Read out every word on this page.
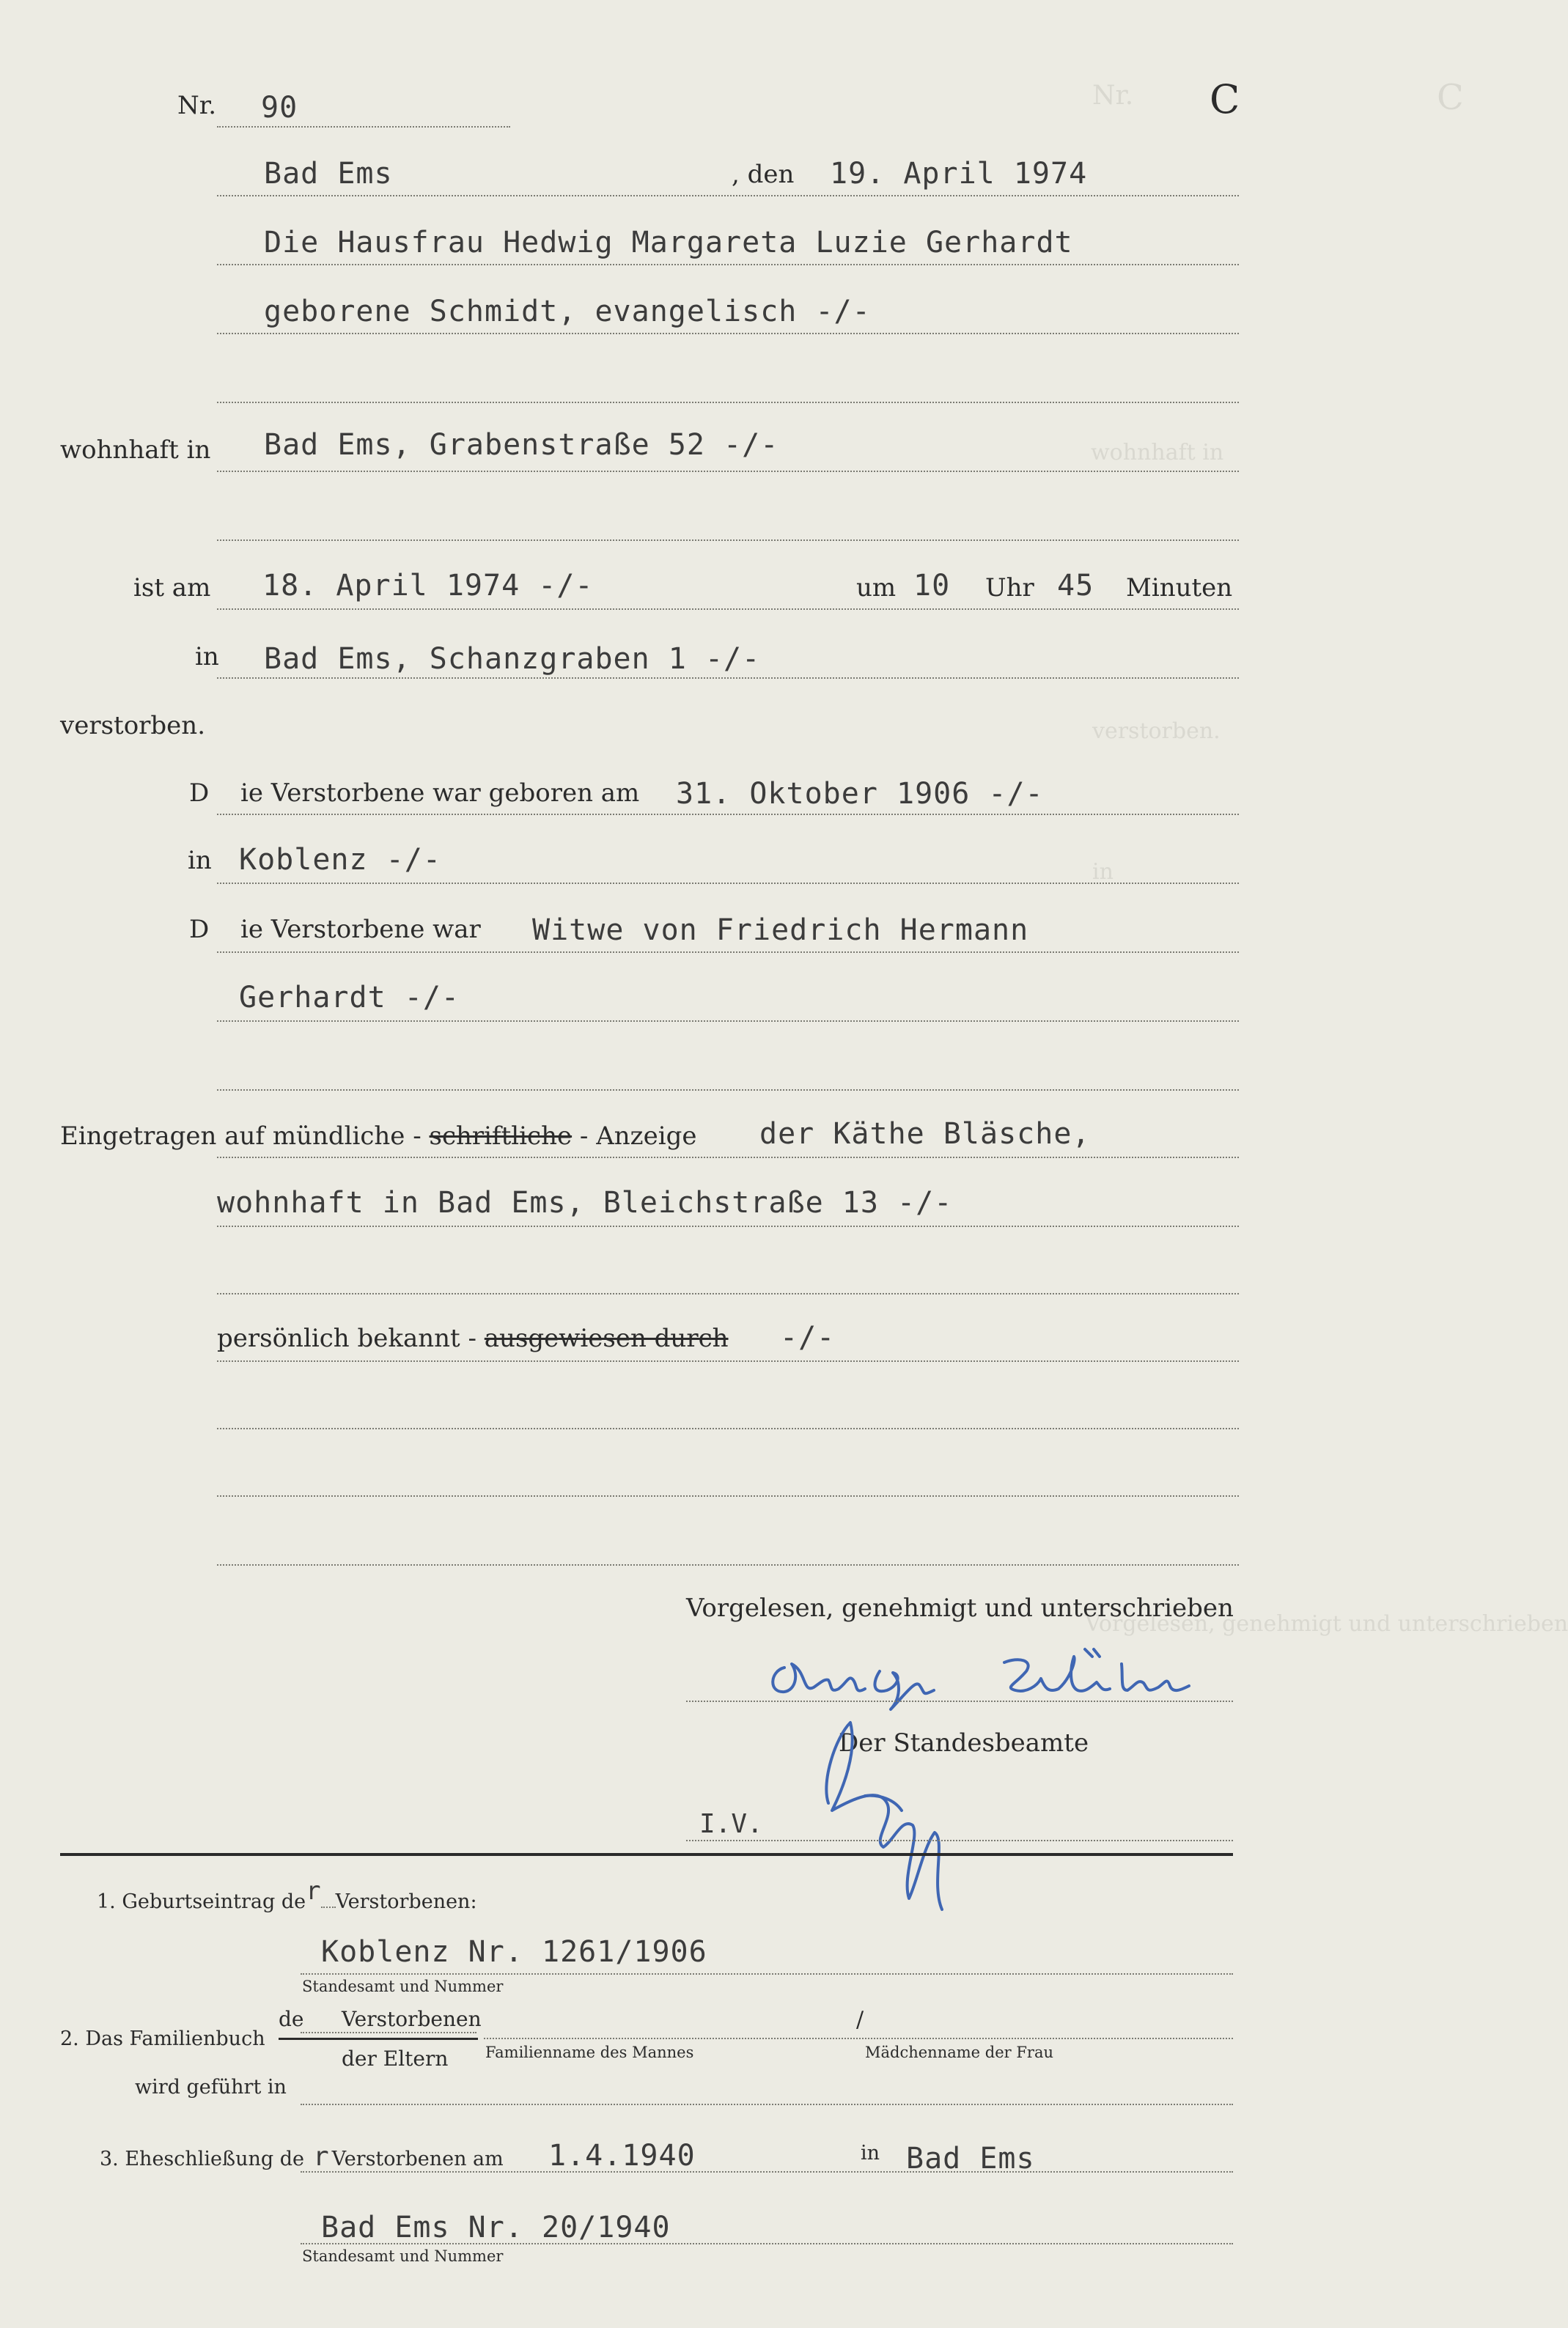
Nr.	C
wohnhaft in
verstorben.
in
Vorgelesen, genehmigt und unterschrieben
Nr. 90	C
Bad Ems	, den 19. April 1974
Die Hausfrau Hedwig Margareta Luzie Gerhardt
geborene Schmidt, evangelisch -/-
wohnhaft in Bad Ems, Grabenstraße 52 -/-
ist am 18. April 1974 -/-	um 10 Uhr 45 Minuten
in Bad Ems, Schanzgraben 1 -/-
verstorben.
D ie Verstorbene war geboren am 31. Oktober 1906 -/-
in Koblenz -/-
D ie Verstorbene war Witwe von Friedrich Hermann
Gerhardt -/-
Eingetragen auf mündliche - schriftliche - Anzeige der Käthe Bläsche,
wohnhaft in Bad Ems, Bleichstraße 13 -/-
persönlich bekannt - ausgewiesen durch -/-
Vorgelesen, genehmigt und unterschrieben
Der Standesbeamte
I.V.
1. Geburtseintrag der Verstorbenen:
Koblenz Nr. 1261/1906
Standesamt und Nummer
2. Das Familienbuch
de Verstorbenen
der Eltern
/
Familienname des Mannes	Mädchenname der Frau
wird geführt in
3. Eheschließung de r Verstorbenen am 1.4.1940	in Bad Ems
Bad Ems Nr. 20/1940
Standesamt und Nummer
